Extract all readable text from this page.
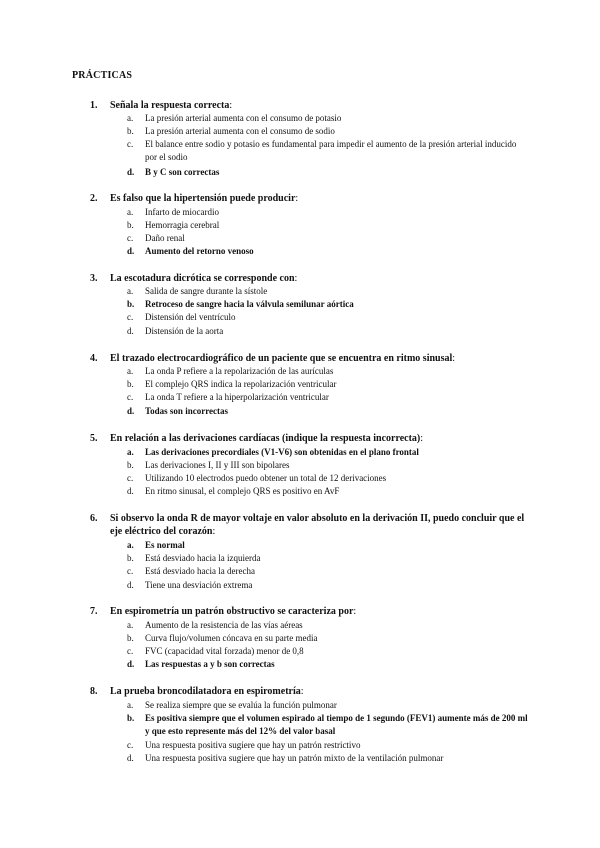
PRÁCTICAS
1.	Señala la respuesta correcta:
a.	La presión arterial aumenta con el consumo de potasio
b.	La presión arterial aumenta con el consumo de sodio
c.	El balance entre sodio y potasio es fundamental para impedir el aumento de la presión arterial inducido por el sodio
d.	B y C son correctas
2.	Es falso que la hipertensión puede producir:
a.	Infarto de miocardio
b.	Hemorragia cerebral
c.	Daño renal
d.	Aumento del retorno venoso
3.	La escotadura dicrótica se corresponde con:
a.	Salida de sangre durante la sístole
b.	Retroceso de sangre hacia la válvula semilunar aórtica
c.	Distensión del ventrículo
d.	Distensión de la aorta
4.	El trazado electrocardiográfico de un paciente que se encuentra en ritmo sinusal:
a.	La onda P refiere a la repolarización de las aurículas
b.	El complejo QRS indica la repolarización ventricular
c.	La onda T refiere a la hiperpolarización ventricular
d.	Todas son incorrectas
5.	En relación a las derivaciones cardíacas (indique la respuesta incorrecta):
a.	Las derivaciones precordiales (V1-V6) son obtenidas en el plano frontal
b.	Las derivaciones I, II y III son bipolares
c.	Utilizando 10 electrodos puedo obtener un total de 12 derivaciones
d.	En ritmo sinusal, el complejo QRS es positivo en AvF
6.	Si observo la onda R de mayor voltaje en valor absoluto en la derivación II, puedo concluir que el eje eléctrico del corazón:
a.	Es normal
b.	Está desviado hacia la izquierda
c.	Está desviado hacia la derecha
d.	Tiene una desviación extrema
7.	En espirometría un patrón obstructivo se caracteriza por:
a.	Aumento de la resistencia de las vías aéreas
b.	Curva flujo/volumen cóncava en su parte media
c.	FVC (capacidad vital forzada) menor de 0,8
d.	Las respuestas a y b son correctas
8.	La prueba broncodilatadora en espirometría:
a.	Se realiza siempre que se evalúa la función pulmonar
b.	Es positiva siempre que el volumen espirado al tiempo de 1 segundo (FEV1) aumente más de 200 ml y que esto represente más del 12% del valor basal
c.	Una respuesta positiva sugiere que hay un patrón restrictivo
d.	Una respuesta positiva sugiere que hay un patrón mixto de la ventilación pulmonar
